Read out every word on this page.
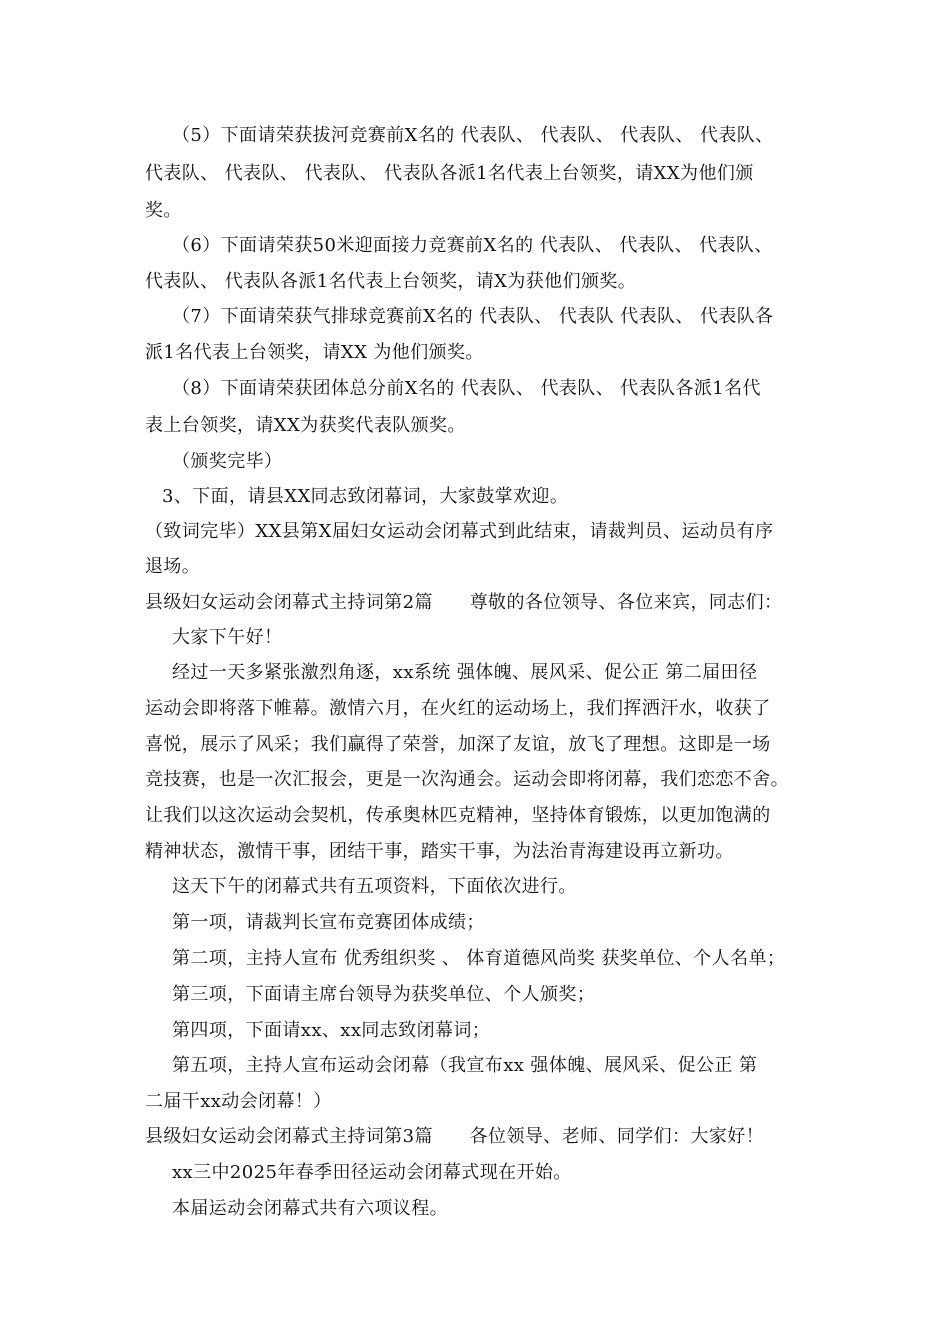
（5）下面请荣获拔河竞赛前X名的 代表队、 代表队、 代表队、 代表队、
代表队、 代表队、 代表队、 代表队各派1名代表上台领奖，请XX为他们颁
奖。
（6）下面请荣获50米迎面接力竞赛前X名的 代表队、 代表队、 代表队、
代表队、 代表队各派1名代表上台领奖，请X为获他们颁奖。
（7）下面请荣获气排球竞赛前X名的 代表队、 代表队 代表队、 代表队各
派1名代表上台领奖，请XX 为他们颁奖。
（8）下面请荣获团体总分前X名的 代表队、 代表队、 代表队各派1名代
表上台领奖，请XX为获奖代表队颁奖。
（颁奖完毕）
3、下面，请县XX同志致闭幕词，大家鼓掌欢迎。
（致词完毕）XX县第X届妇女运动会闭幕式到此结束，请裁判员、运动员有序
退场。
县级妇女运动会闭幕式主持词第2篇　　尊敬的各位领导、各位来宾，同志们：
大家下午好！
经过一天多紧张激烈角逐，xx系统 强体魄、展风采、促公正 第二届田径
运动会即将落下帷幕。激情六月，在火红的运动场上，我们挥洒汗水，收获了
喜悦，展示了风采；我们赢得了荣誉，加深了友谊，放飞了理想。这即是一场
竞技赛，也是一次汇报会，更是一次沟通会。运动会即将闭幕，我们恋恋不舍。
让我们以这次运动会契机，传承奥林匹克精神，坚持体育锻炼，以更加饱满的
精神状态，激情干事，团结干事，踏实干事，为法治青海建设再立新功。
这天下午的闭幕式共有五项资料，下面依次进行。
第一项，请裁判长宣布竞赛团体成绩；
第二项，主持人宣布 优秀组织奖 、 体育道德风尚奖 获奖单位、个人名单；
第三项，下面请主席台领导为获奖单位、个人颁奖；
第四项，下面请xx、xx同志致闭幕词；
第五项，主持人宣布运动会闭幕（我宣布xx 强体魄、展风采、促公正 第
二届干xx动会闭幕！）
县级妇女运动会闭幕式主持词第3篇　　各位领导、老师、同学们：大家好！
xx三中2025年春季田径运动会闭幕式现在开始。
本届运动会闭幕式共有六项议程。
